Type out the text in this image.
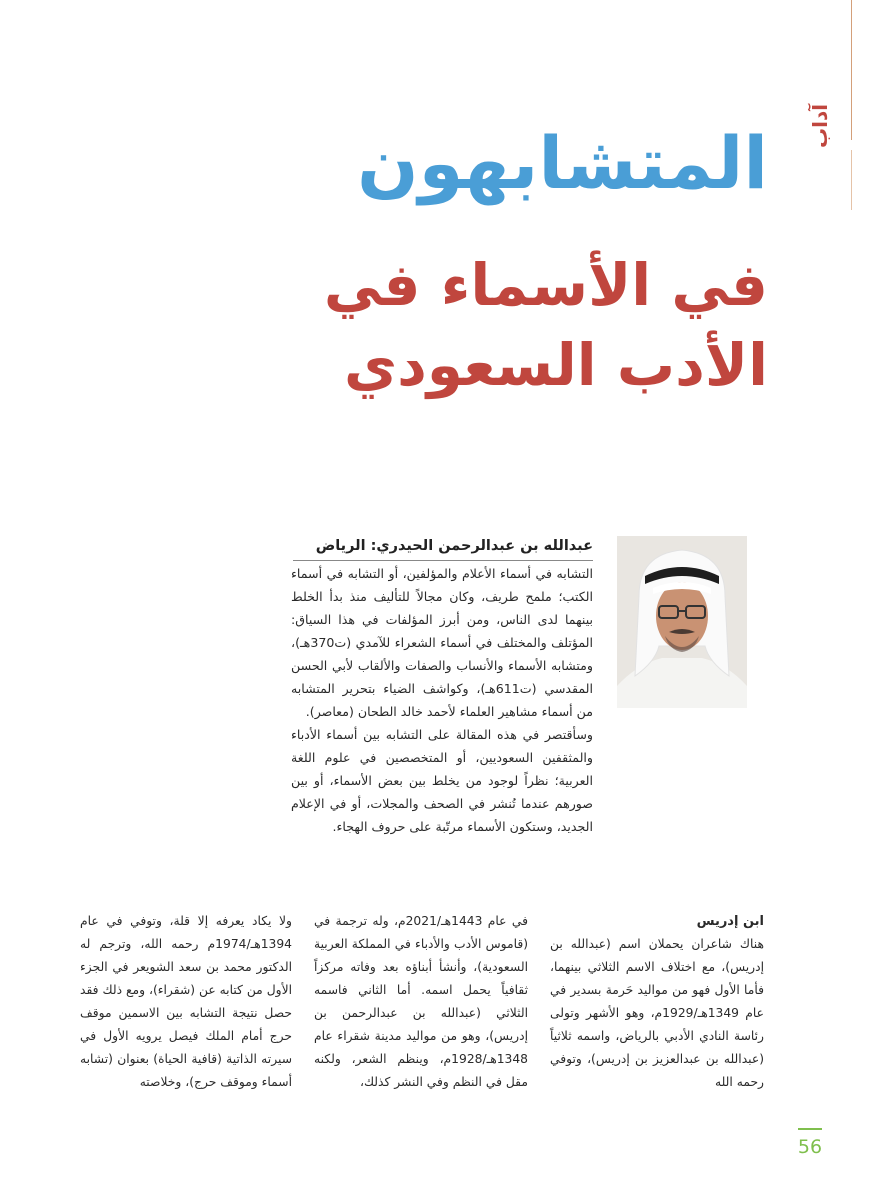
آداب
المتشابهون
في الأسماء في الأدب السعودي
عبدالله بن عبدالرحمن الحيدري: الرياض

التشابه في أسماء الأعلام والمؤلفين، أو التشابه في أسماء الكتب؛ ملمح طريف، وكان مجالاً للتأليف منذ بدأ الخلط بينهما لدى الناس، ومن أبرز المؤلفات في هذا السياق: المؤتلف والمختلف في أسماء الشعراء للآمدي (ت370هـ)، ومتشابه الأسماء والأنساب والصفات والألقاب لأبي الحسن المقدسي (ت611هـ)، وكواشف الضياء بتحرير المتشابه من أسماء مشاهير العلماء لأحمد خالد الطحان (معاصر).

وسأقتصر في هذه المقالة على التشابه بين أسماء الأدباء والمثقفين السعوديين، أو المتخصصين في علوم اللغة العربية؛ نظراً لوجود من يخلط بين بعض الأسماء، أو بين صورهم عندما تُنشر في الصحف والمجلات، أو في الإعلام الجديد، وستكون الأسماء مرتّبة على حروف الهجاء.

ابن إدريس

هناك شاعران يحملان اسم (عبدالله بن إدريس)، مع اختلاف الاسم الثلاثي بينهما، فأما الأول فهو من مواليد حَرمة بسدير في عام 1349هـ/1929م، وهو الأشهر وتولى رئاسة النادي الأدبي بالرياض، واسمه ثلاثياً (عبدالله بن عبدالعزيز بن إدريس)، وتوفي رحمه الله

في عام 1443هـ/2021م، وله ترجمة في (قاموس الأدب والأدباء في المملكة العربية السعودية)، وأنشأ أبناؤه بعد وفاته مركزاً ثقافياً يحمل اسمه. أما الثاني فاسمه الثلاثي (عبدالله بن عبدالرحمن بن إدريس)، وهو من مواليد مدينة شقراء عام 1348هـ/1928م، وينظم الشعر، ولكنه مقل في النظم وفي النشر كذلك،

ولا يكاد يعرفه إلا قلة، وتوفي في عام 1394هـ/1974م رحمه الله، وترجم له الدكتور محمد بن سعد الشويعر في الجزء الأول من كتابه عن (شقراء)، ومع ذلك فقد حصل نتيجة التشابه بين الاسمين موقف حرج أمام الملك فيصل يرويه الأول في سيرته الذاتية (قافية الحياة) بعنوان (تشابه أسماء وموقف حرج)، وخلاصته

56
